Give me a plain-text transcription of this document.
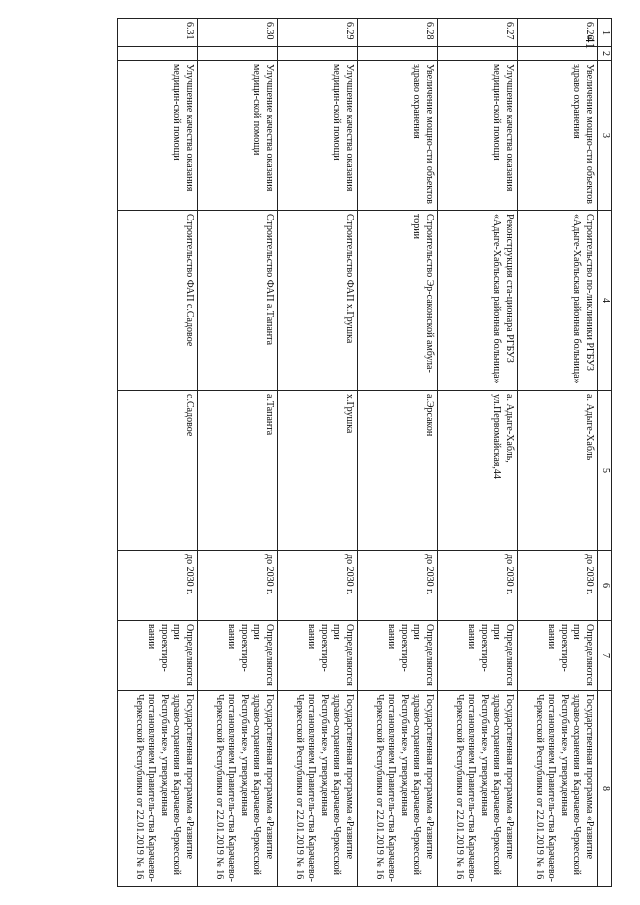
41
1	2	3	4	5	6	7	8
6.26		Увеличение мощно-сти объектов здраво охранения	Строительство по-ликлиники РГБУЗ «Адыге-Хабльская районная больница»	а. Адыге-Хабль	до 2030 г.	Определяются при проектиро-вании	Государственная программа «Развитие здраво-охранения в Карачаево-Черкесской Республи-ке», утвержденная постановлением Правитель-ства Карачаево-Черкесской Республики от 22.01.2019 № 16
6.27		Улучшение качества оказания медицин-ской помощи	Реконструкция ста-ционара РГБУЗ «Адыге-Хабльская районная больница»	а. Адыге-Хабль, ул.Первомайская,44	до 2030 г.	Определяются при проектиро-вании	Государственная программа «Развитие здраво-охранения в Карачаево-Черкесской Республи-ке», утвержденная постановлением Правитель-ства Карачаево-Черкесской Республики от 22.01.2019 № 16
6.28		Увеличение мощно-сти объектов здраво охранения	Строительство Эр-саконской амбула-тории	а.Эрсакон	до 2030 г.	Определяются при проектиро-вании	Государственная программа «Развитие здраво-охранения в Карачаево-Черкесской Республи-ке», утвержденная постановлением Правитель-ства Карачаево-Черкесской Республики от 22.01.2019 № 16
6.29		Улучшение качества оказания медицин-ской помощи	Строительство ФАП х.Грушка	х.Грушка	до 2030 г.	Определяются при проектиро-вании	Государственная программа «Развитие здраво-охранения в Карачаево-Черкесской Республи-ке», утвержденная постановлением Правитель-ства Карачаево-Черкесской Республики от 22.01.2019 № 16
6.30		Улучшение качества оказания медици-ской помощи	Строительство ФАП а.Тапанта	а.Тапанта	до 2030 г.	Определяются при проектиро-вании	Государственная программа «Развитие здраво-охранения в Карачаево-Черкесской Республи-ке», утвержденная постановлением Правитель-ства Карачаево-Черкесской Республики от 22.01.2019 № 16
6.31		Улучшение качества оказания медицин-ской помощи	Строительство ФАП с.Садовое	с.Садовое	до 2030 г.	Определяются при проектиро-вании	Государственная программа «Развитие здраво-охранения в Карачаево-Черкесской Республи-ке», утвержденная постановлением Правитель-ства Карачаево-Черкесской Республики от 22.01.2019 № 16
